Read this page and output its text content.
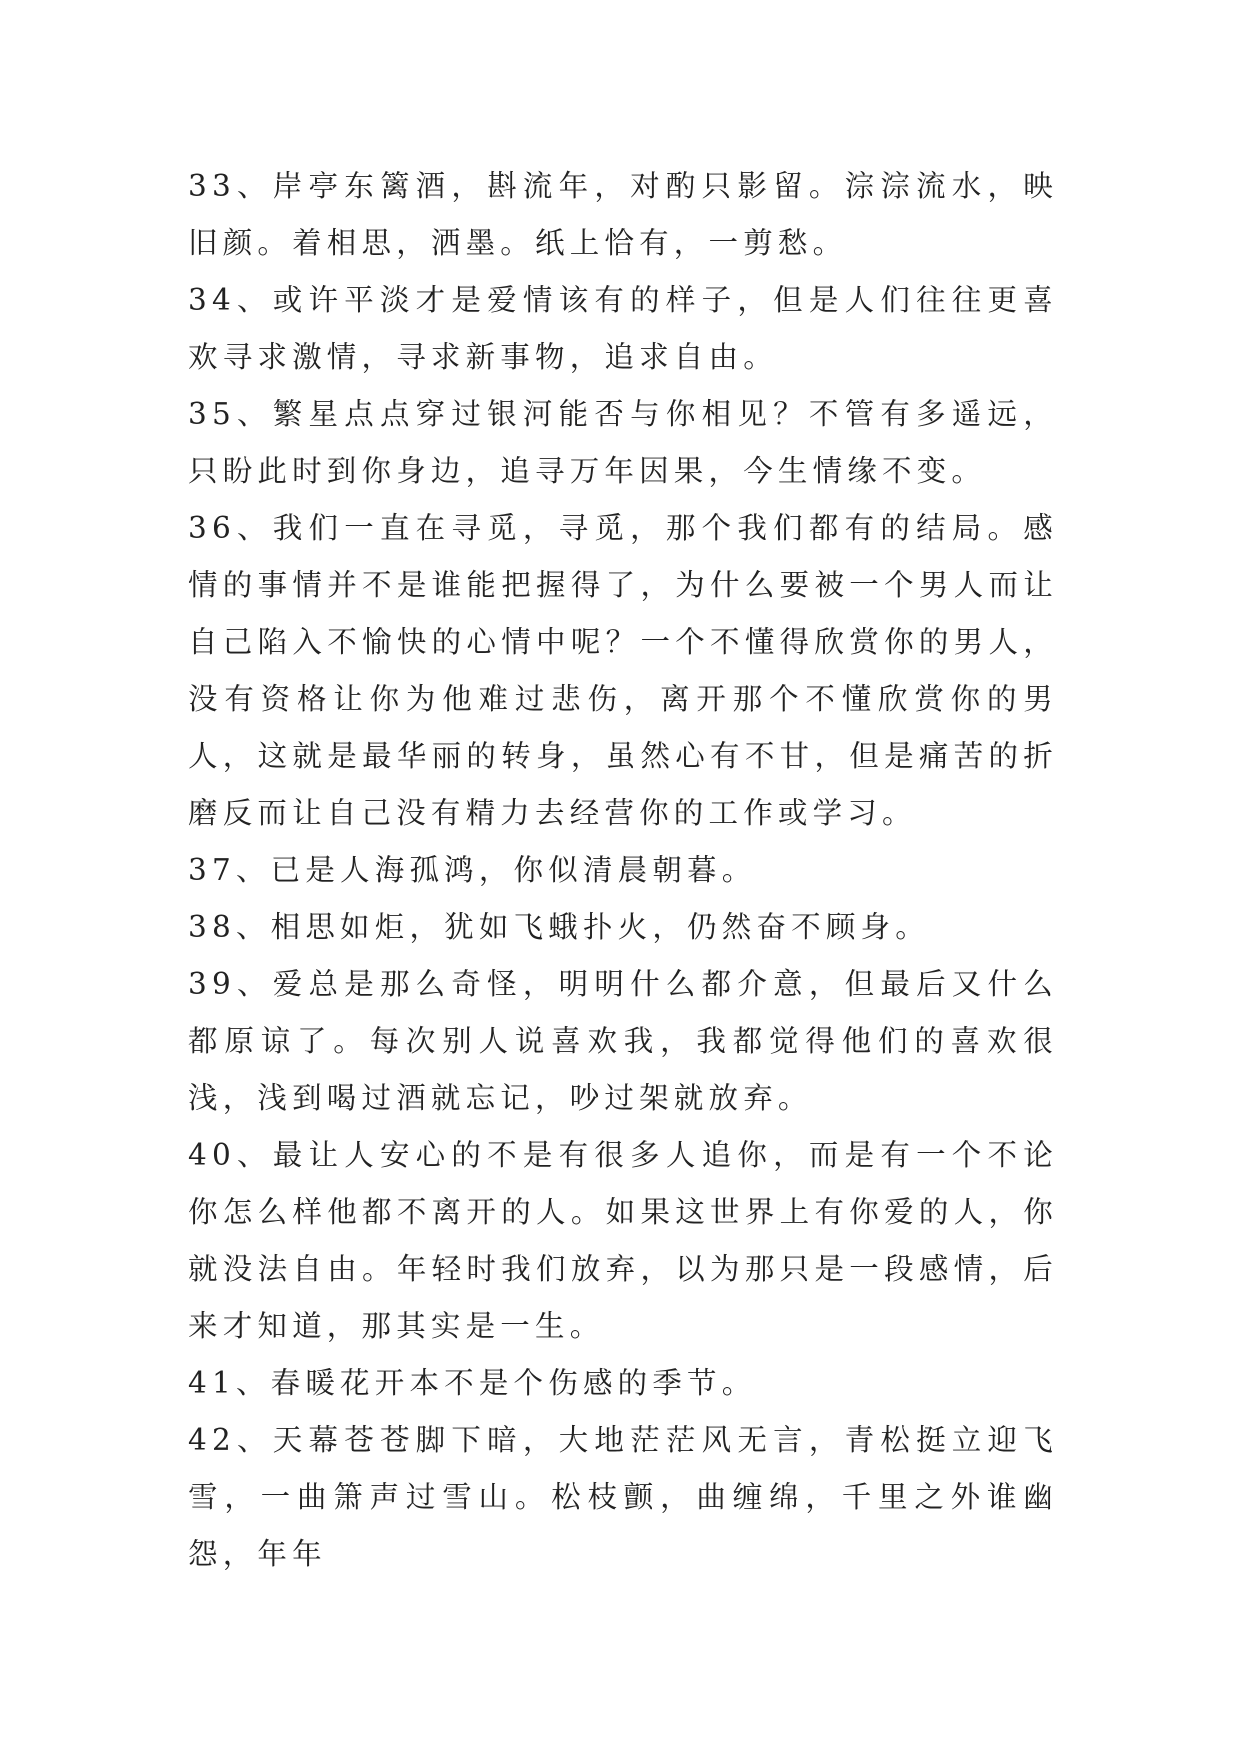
33、岸亭东篱酒，斟流年，对酌只影留。淙淙流水，映旧颜。着相思，洒墨。纸上恰有，一剪愁。

34、或许平淡才是爱情该有的样子，但是人们往往更喜欢寻求激情，寻求新事物，追求自由。

35、繁星点点穿过银河能否与你相见？不管有多遥远，只盼此时到你身边，追寻万年因果，今生情缘不变。

36、我们一直在寻觅，寻觅，那个我们都有的结局。感情的事情并不是谁能把握得了，为什么要被一个男人而让自己陷入不愉快的心情中呢？一个不懂得欣赏你的男人，没有资格让你为他难过悲伤，离开那个不懂欣赏你的男人，这就是最华丽的转身，虽然心有不甘，但是痛苦的折磨反而让自己没有精力去经营你的工作或学习。

37、已是人海孤鸿，你似清晨朝暮。

38、相思如炬，犹如飞蛾扑火，仍然奋不顾身。

39、爱总是那么奇怪，明明什么都介意，但最后又什么都原谅了。每次别人说喜欢我，我都觉得他们的喜欢很浅，浅到喝过酒就忘记，吵过架就放弃。

40、最让人安心的不是有很多人追你，而是有一个不论你怎么样他都不离开的人。如果这世界上有你爱的人，你就没法自由。年轻时我们放弃，以为那只是一段感情，后来才知道，那其实是一生。

41、春暖花开本不是个伤感的季节。

42、天幕苍苍脚下暗，大地茫茫风无言，青松挺立迎飞雪，一曲箫声过雪山。松枝颤，曲缠绵，千里之外谁幽怨，年年
